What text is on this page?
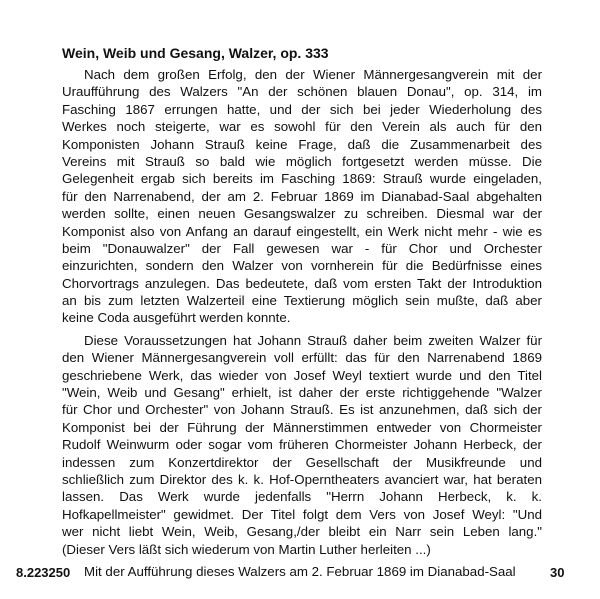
Wein, Weib und Gesang, Walzer, op. 333
Nach dem großen Erfolg, den der Wiener Männergesangverein mit der
Uraufführung des Walzers "An der schönen blauen Donau", op. 314, im
Fasching 1867 errungen hatte, und der sich bei jeder Wiederholung des
Werkes noch steigerte, war es sowohl für den Verein als auch für den
Komponisten Johann Strauß keine Frage, daß die Zusammenarbeit des
Vereins mit Strauß so bald wie möglich fortgesetzt werden müsse. Die
Gelegenheit ergab sich bereits im Fasching 1869: Strauß wurde eingeladen,
für den Narrenabend, der am 2. Februar 1869 im Dianabad-Saal abgehalten
werden sollte, einen neuen Gesangswalzer zu schreiben. Diesmal war der
Komponist also von Anfang an darauf eingestellt, ein Werk nicht mehr - wie es
beim "Donauwalzer" der Fall gewesen war - für Chor und Orchester
einzurichten, sondern den Walzer von vornherein für die Bedürfnisse eines
Chorvortrags anzulegen. Das bedeutete, daß vom ersten Takt der Introduktion
an bis zum letzten Walzerteil eine Textierung möglich sein mußte, daß aber
keine Coda ausgeführt werden konnte.
Diese Voraussetzungen hat Johann Strauß daher beim zweiten Walzer für
den Wiener Männergesangverein voll erfüllt: das für den Narrenabend 1869
geschriebene Werk, das wieder von Josef Weyl textiert wurde und den Titel
"Wein, Weib und Gesang" erhielt, ist daher der erste richtiggehende "Walzer
für Chor und Orchester" von Johann Strauß. Es ist anzunehmen, daß sich der
Komponist bei der Führung der Männerstimmen entweder von Chormeister
Rudolf Weinwurm oder sogar vom früheren Chormeister Johann Herbeck, der
indessen zum Konzertdirektor der Gesellschaft der Musikfreunde und
schließlich zum Direktor des k. k. Hof-Operntheaters avanciert war, hat beraten
lassen. Das Werk wurde jedenfalls "Herrn Johann Herbeck, k. k.
Hofkapellmeister" gewidmet. Der Titel folgt dem Vers von Josef Weyl: "Und
wer nicht liebt Wein, Weib, Gesang,/der bleibt ein Narr sein Leben lang."
(Dieser Vers läßt sich wiederum von Martin Luther herleiten ...)
Mit der Aufführung dieses Walzers am 2. Februar 1869 im Dianabad-Saal
8.223250	30
